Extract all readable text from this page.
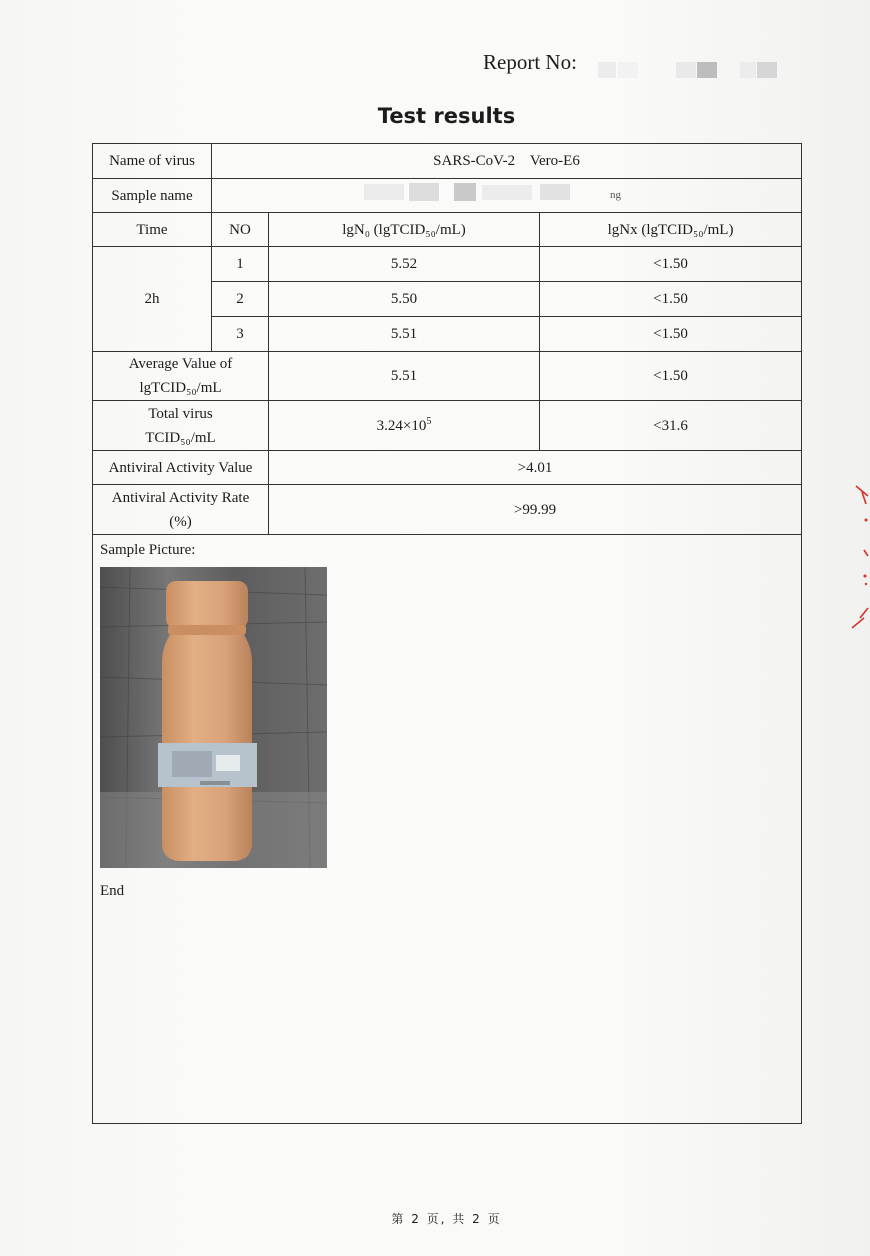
Report No:
Test results
Name of virus	SARS-CoV-2    Vero-E6		
Sample name	ng		

Time	NO	lgN₀ (lgTCID₅₀/mL)	lgNx (lgTCID₅₀/mL)
2h	1	5.52	<1.50
	2	5.50	<1.50
	3	5.51	<1.50

Average Value of
lgTCID₅₀/mL		5.51	<1.50

Total virus
TCID₅₀/mL		$3.24\times 10^5$	<31.6
Antiviral Activity Value		>4.01	

Antiviral Activity Rate
(%)		>99.99	

Sample Picture:
End			
第 2 页, 共 2 页
